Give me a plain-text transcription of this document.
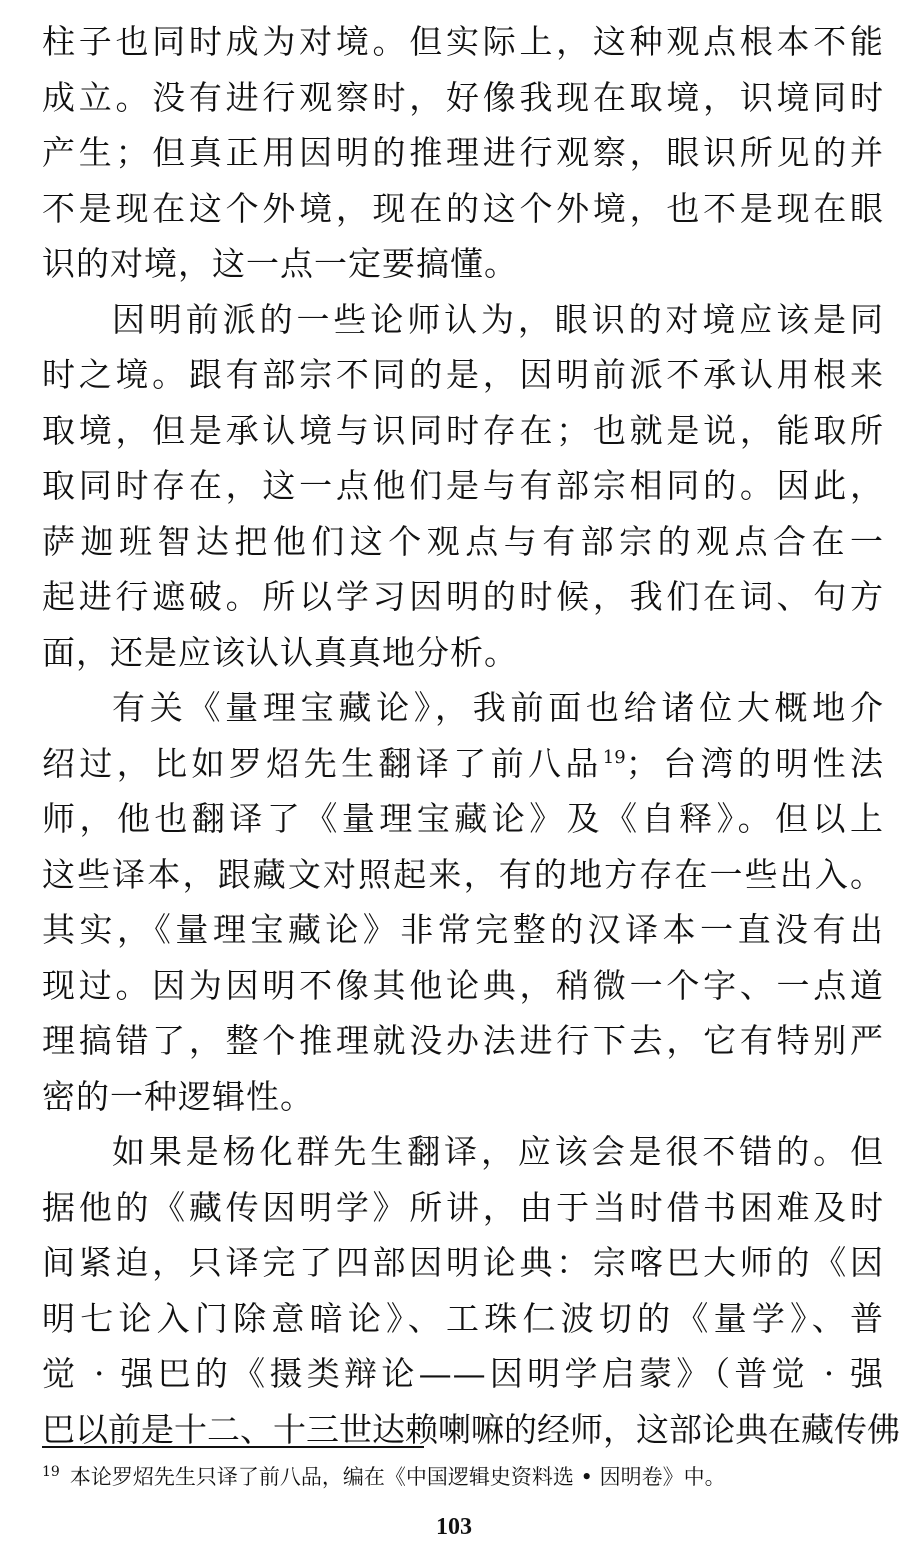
柱子也同时成为对境。但实际上，这种观点根本不能
成立。没有进行观察时，好像我现在取境，识境同时
产生；但真正用因明的推理进行观察，眼识所见的并
不是现在这个外境，现在的这个外境，也不是现在眼
识的对境，这一点一定要搞懂。
因明前派的一些论师认为，眼识的对境应该是同
时之境。跟有部宗不同的是，因明前派不承认用根来
取境，但是承认境与识同时存在；也就是说，能取所
取同时存在，这一点他们是与有部宗相同的。因此，
萨迦班智达把他们这个观点与有部宗的观点合在一
起进行遮破。所以学习因明的时候，我们在词、句方
面，还是应该认认真真地分析。
有关《量理宝藏论》，我前面也给诸位大概地介
绍过，比如罗炤先生翻译了前八品$^{19}$；台湾的明性法
师，他也翻译了《量理宝藏论》及《自释》。但以上
这些译本，跟藏文对照起来，有的地方存在一些出入。
其实，《量理宝藏论》非常完整的汉译本一直没有出
现过。因为因明不像其他论典，稍微一个字、一点道
理搞错了，整个推理就没办法进行下去，它有特别严
密的一种逻辑性。
如果是杨化群先生翻译，应该会是很不错的。但
据他的《藏传因明学》所讲，由于当时借书困难及时
间紧迫，只译完了四部因明论典：宗喀巴大师的《因
明七论入门除意暗论》、工珠仁波切的《量学》、普
觉 · 强巴的《摄类辩论——因明学启蒙》（普觉 · 强
巴以前是十二、十三世达赖喇嘛的经师，这部论典在藏传佛
$^{19}$ 本论罗炤先生只译了前八品，编在《中国逻辑史资料选 • 因明卷》中。
103
